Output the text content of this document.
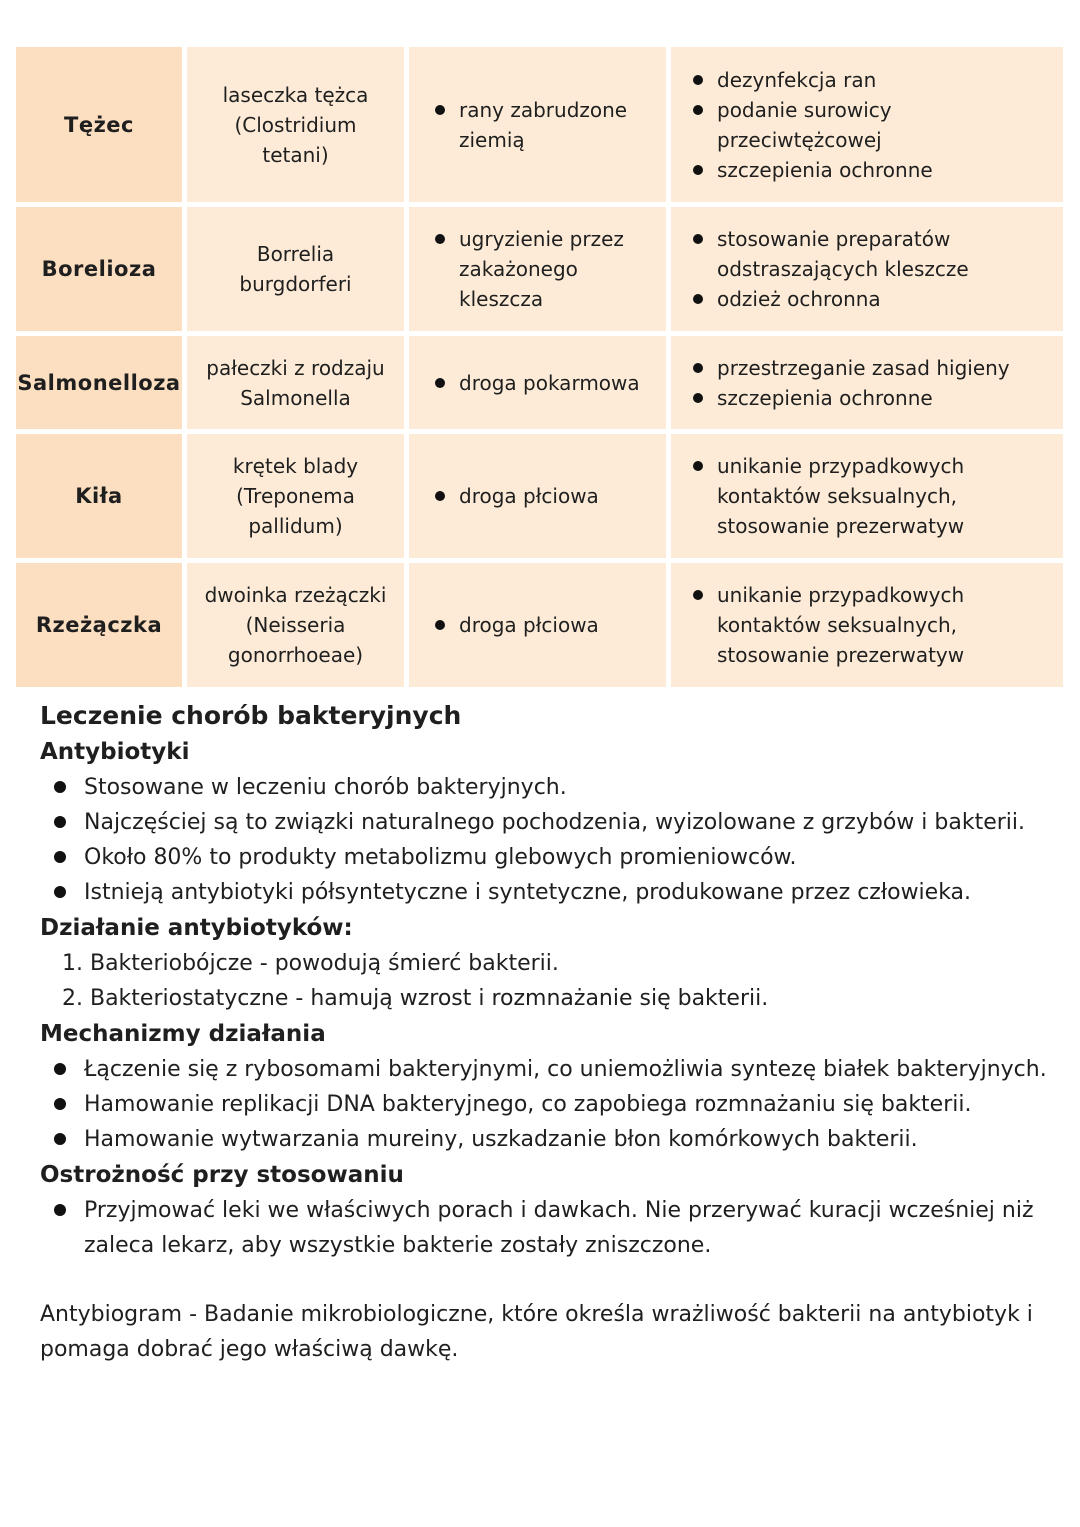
Tężec
laseczka tężca
(Clostridium
tetani)
rany zabrudzone
ziemią
dezynfekcja ran
podanie surowicy
przeciwtężcowej
szczepienia ochronne
Borelioza
Borrelia
burgdorferi
ugryzienie przez
zakażonego
kleszcza
stosowanie preparatów
odstraszających kleszcze
odzież ochronna
Salmonelloza
pałeczki z rodzaju
Salmonella
droga pokarmowa
przestrzeganie zasad higieny
szczepienia ochronne
Kiła
krętek blady
(Treponema
pallidum)
droga płciowa
unikanie przypadkowych
kontaktów seksualnych,
stosowanie prezerwatyw
Rzeżączka
dwoinka rzeżączki
(Neisseria
gonorrhoeae)
droga płciowa
unikanie przypadkowych
kontaktów seksualnych,
stosowanie prezerwatyw
Leczenie chorób bakteryjnych
Antybiotyki
Stosowane w leczeniu chorób bakteryjnych.
Najczęściej są to związki naturalnego pochodzenia, wyizolowane z grzybów i bakterii.
Około 80% to produkty metabolizmu glebowych promieniowców.
Istnieją antybiotyki półsyntetyczne i syntetyczne, produkowane przez człowieka.
Działanie antybiotyków:
1. Bakteriobójcze - powodują śmierć bakterii.
2. Bakteriostatyczne - hamują wzrost i rozmnażanie się bakterii.
Mechanizmy działania
Łączenie się z rybosomami bakteryjnymi, co uniemożliwia syntezę białek bakteryjnych.
Hamowanie replikacji DNA bakteryjnego, co zapobiega rozmnażaniu się bakterii.
Hamowanie wytwarzania mureiny, uszkadzanie błon komórkowych bakterii.
Ostrożność przy stosowaniu
Przyjmować leki we właściwych porach i dawkach. Nie przerywać kuracji wcześniej niż zaleca lekarz, aby wszystkie bakterie zostały zniszczone.
Antybiogram - Badanie mikrobiologiczne, które określa wrażliwość bakterii na antybiotyk i pomaga dobrać jego właściwą dawkę.
